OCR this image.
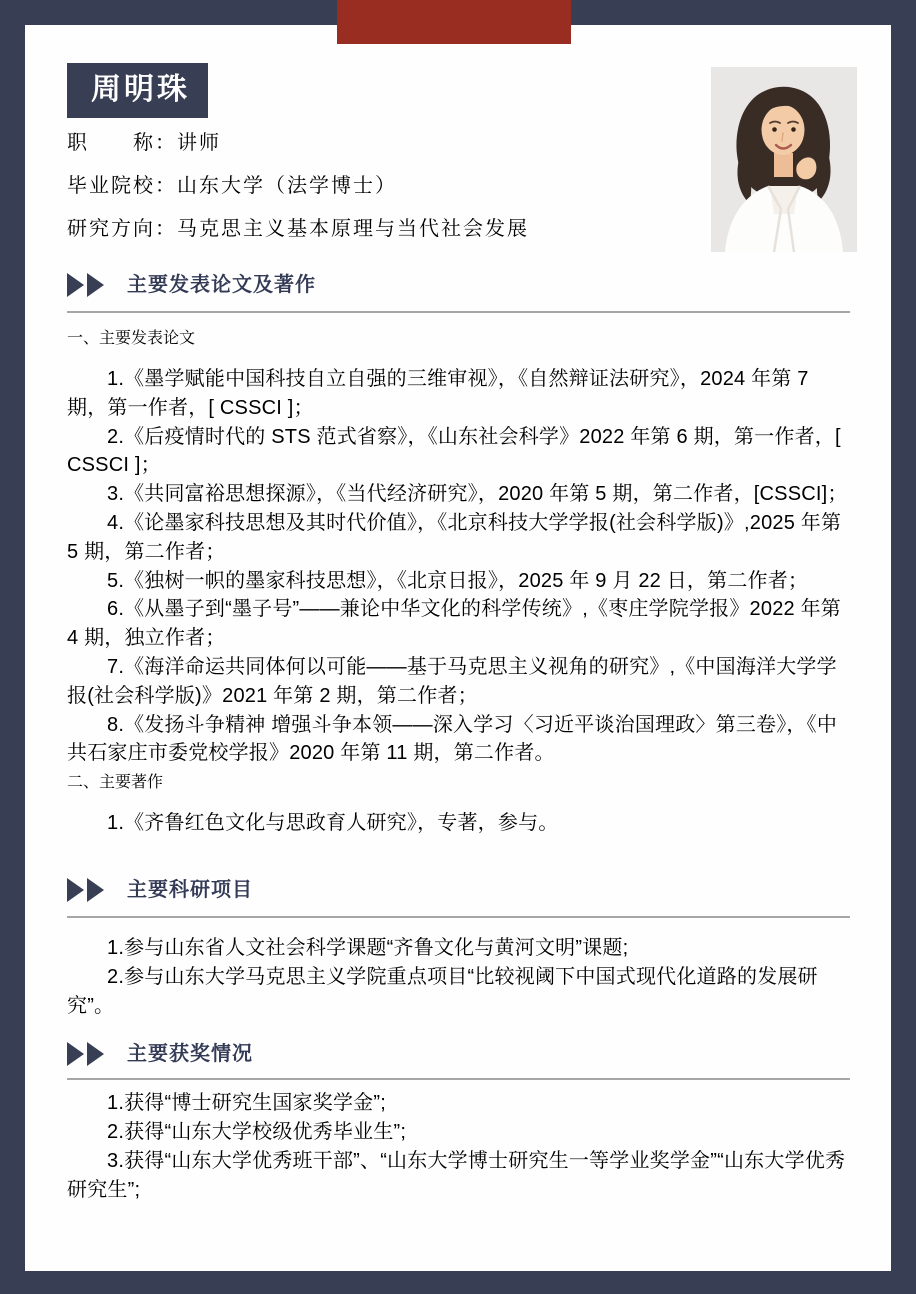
周明珠

职　　称：讲师

毕业院校：山东大学（法学博士）

研究方向：马克思主义基本原理与当代社会发展

主要发表论文及著作
一、主要发表论文

1.《墨学赋能中国科技自立自强的三维审视》，《自然辩证法研究》，2024 年第 7 期，第一作者，[ CSSCI ]；

2.《后疫情时代的 STS 范式省察》，《山东社会科学》2022 年第 6 期，第一作者，[ CSSCI ]；

3.《共同富裕思想探源》，《当代经济研究》，2020 年第 5 期，第二作者，[CSSCI]；

4.《论墨家科技思想及其时代价值》，《北京科技大学学报(社会科学版)》,2025 年第 5 期，第二作者；

5.《独树一帜的墨家科技思想》，《北京日报》，2025 年 9 月 22 日，第二作者；

6.《从墨子到“墨子号”——兼论中华文化的科学传统》,《枣庄学院学报》2022 年第 4 期，独立作者；

7.《海洋命运共同体何以可能——基于马克思主义视角的研究》,《中国海洋大学学报(社会科学版)》2021 年第 2 期，第二作者；

8.《发扬斗争精神 增强斗争本领——深入学习〈习近平谈治国理政〉第三卷》，《中共石家庄市委党校学报》2020 年第 11 期，第二作者。

二、主要著作

1.《齐鲁红色文化与思政育人研究》，专著，参与。

主要科研项目

1.参与山东省人文社会科学课题“齐鲁文化与黄河文明”课题;

2.参与山东大学马克思主义学院重点项目“比较视阈下中国式现代化道路的发展研究”。

主要获奖情况

1.获得“博士研究生国家奖学金”;

2.获得“山东大学校级优秀毕业生”;

3.获得“山东大学优秀班干部”、“山东大学博士研究生一等学业奖学金”“山东大学优秀研究生”;
